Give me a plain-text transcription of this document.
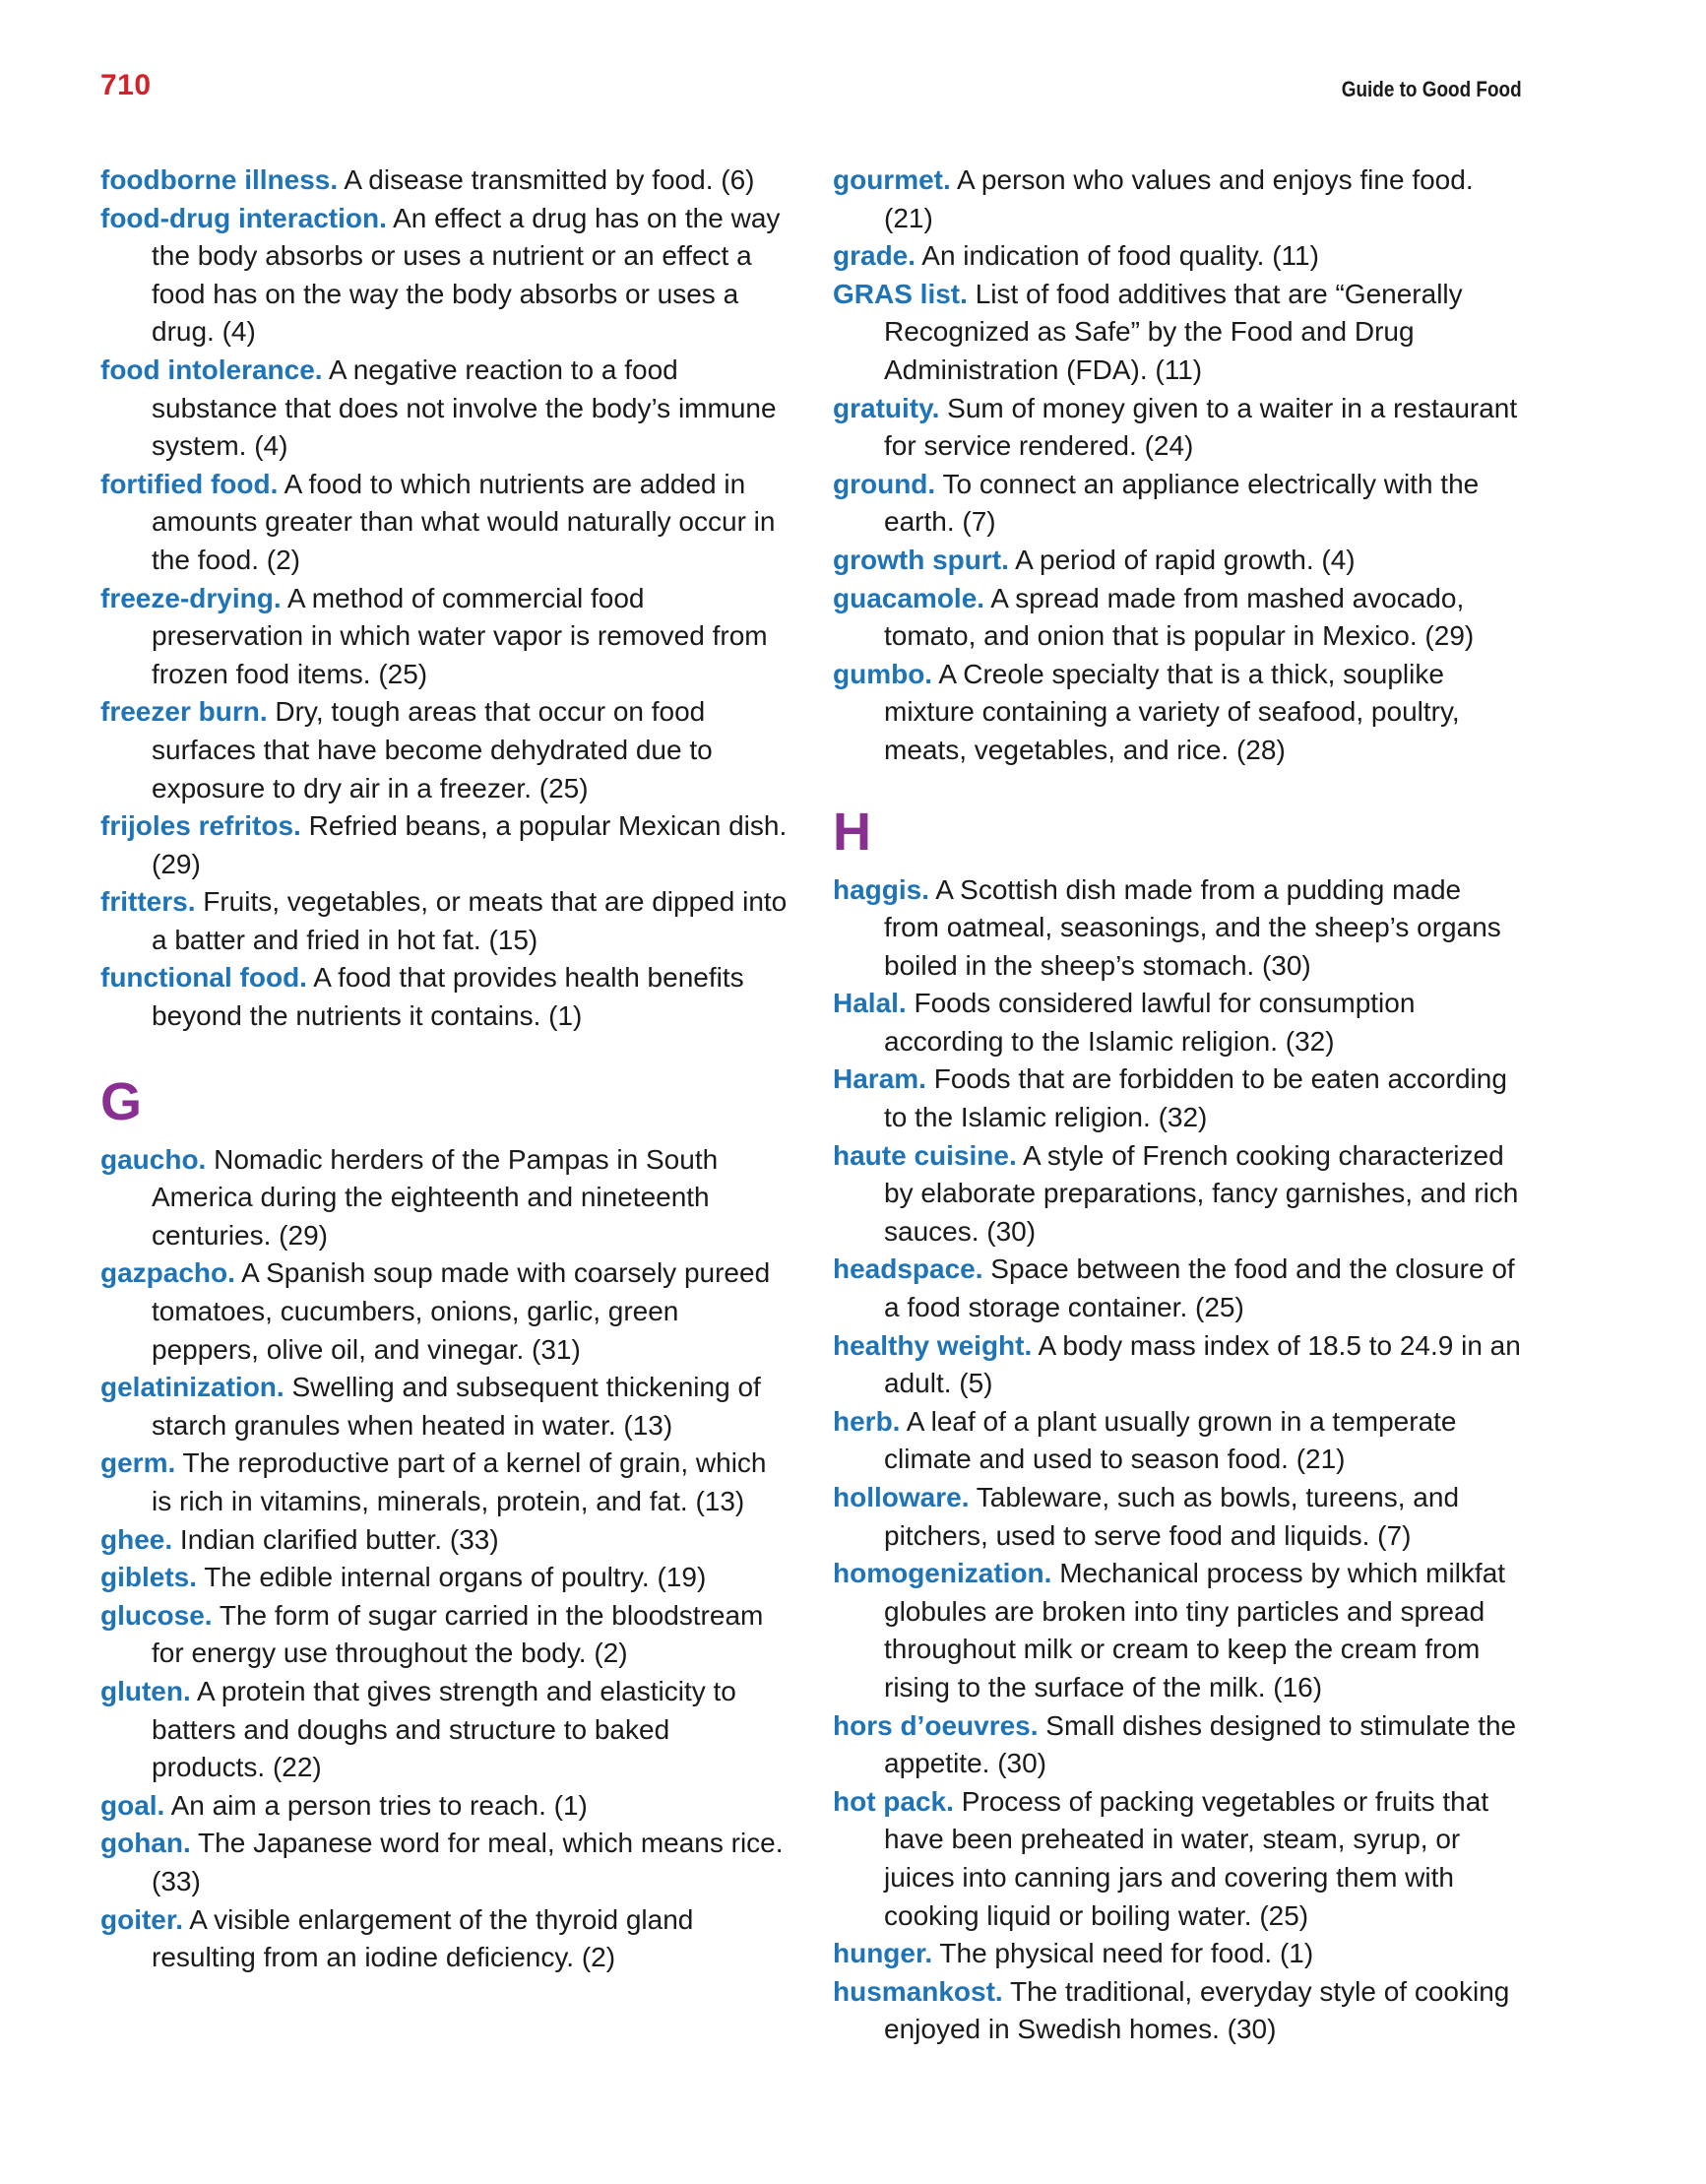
710	Guide to Good Food

foodborne illness. A disease transmitted by food. (6)

food-drug interaction. An effect a drug has on the way the body absorbs or uses a nutrient or an effect a food has on the way the body absorbs or uses a drug. (4)

food intolerance. A negative reaction to a food substance that does not involve the body’s immune system. (4)

fortified food. A food to which nutrients are added in amounts greater than what would naturally occur in the food. (2)

freeze-drying. A method of commercial food preservation in which water vapor is removed from frozen food items. (25)

freezer burn. Dry, tough areas that occur on food surfaces that have become dehydrated due to exposure to dry air in a freezer. (25)

frijoles refritos. Refried beans, a popular Mexican dish. (29)

fritters. Fruits, vegetables, or meats that are dipped into a batter and fried in hot fat. (15)

functional food. A food that provides health benefits beyond the nutrients it contains. (1)

G

gaucho. Nomadic herders of the Pampas in South America during the eighteenth and nineteenth centuries. (29)

gazpacho. A Spanish soup made with coarsely pureed tomatoes, cucumbers, onions, garlic, green peppers, olive oil, and vinegar. (31)

gelatinization. Swelling and subsequent thickening of starch granules when heated in water. (13)

germ. The reproductive part of a kernel of grain, which is rich in vitamins, minerals, protein, and fat. (13)

ghee. Indian clarified butter. (33)

giblets. The edible internal organs of poultry. (19)

glucose. The form of sugar carried in the bloodstream for energy use throughout the body. (2)

gluten. A protein that gives strength and elasticity to batters and doughs and structure to baked products. (22)

goal. An aim a person tries to reach. (1)

gohan. The Japanese word for meal, which means rice. (33)

goiter. A visible enlargement of the thyroid gland resulting from an iodine deficiency. (2)

gourmet. A person who values and enjoys fine food. (21)

grade. An indication of food quality. (11)

GRAS list. List of food additives that are “Generally Recognized as Safe” by the Food and Drug Administration (FDA). (11)

gratuity. Sum of money given to a waiter in a restaurant for service rendered. (24)

ground. To connect an appliance electrically with the earth. (7)

growth spurt. A period of rapid growth. (4)

guacamole. A spread made from mashed avocado, tomato, and onion that is popular in Mexico. (29)

gumbo. A Creole specialty that is a thick, souplike mixture containing a variety of seafood, poultry, meats, vegetables, and rice. (28)

H

haggis. A Scottish dish made from a pudding made from oatmeal, seasonings, and the sheep’s organs boiled in the sheep’s stomach. (30)

Halal. Foods considered lawful for consumption according to the Islamic religion. (32)

Haram. Foods that are forbidden to be eaten according to the Islamic religion. (32)

haute cuisine. A style of French cooking characterized by elaborate preparations, fancy garnishes, and rich sauces. (30)

headspace. Space between the food and the closure of a food storage container. (25)

healthy weight. A body mass index of 18.5 to 24.9 in an adult. (5)

herb. A leaf of a plant usually grown in a temperate climate and used to season food. (21)

holloware. Tableware, such as bowls, tureens, and pitchers, used to serve food and liquids. (7)

homogenization. Mechanical process by which milkfat globules are broken into tiny particles and spread throughout milk or cream to keep the cream from rising to the surface of the milk. (16)

hors d’oeuvres. Small dishes designed to stimulate the appetite. (30)

hot pack. Process of packing vegetables or fruits that have been preheated in water, steam, syrup, or juices into canning jars and covering them with cooking liquid or boiling water. (25)

hunger. The physical need for food. (1)

husmankost. The traditional, everyday style of cooking enjoyed in Swedish homes. (30)
